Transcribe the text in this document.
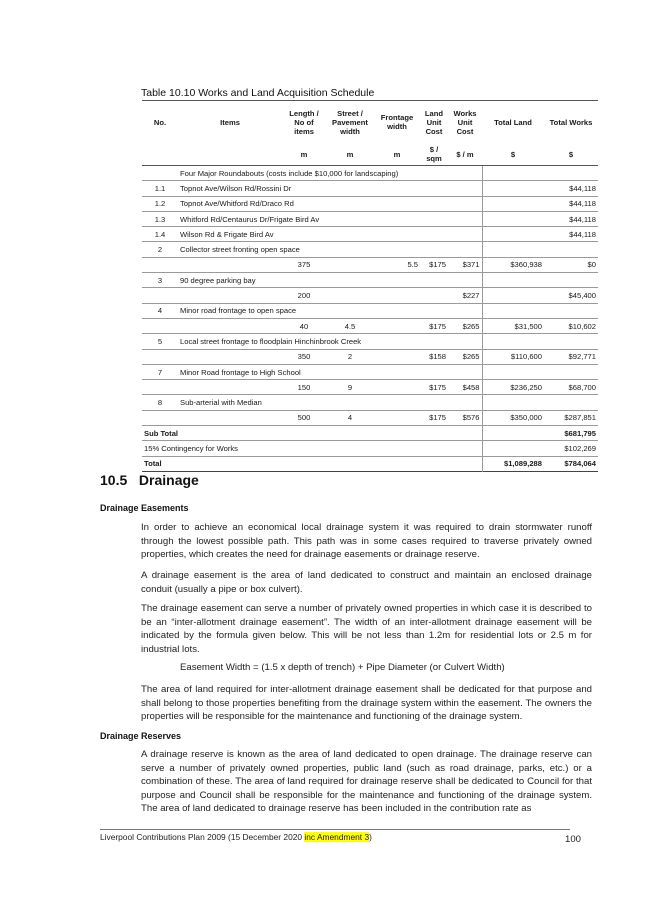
Table 10.10 Works and Land Acquisition Schedule
No.	Items	Length / No of items	Street / Pavement width	Frontage width	Land Unit Cost	Works Unit Cost	Total Land	Total Works
		m	m	m	$ / sqm	$ / m	$	$
	Four Major Roundabouts (costs include $10,000 for landscaping)							
1.1	Topnot Ave/Wilson Rd/Rossini Dr							$44,118
1.2	Topnot Ave/Whitford Rd/Draco Rd							$44,118
1.3	Whitford Rd/Centaurus Dr/Frigate Bird Av							$44,118
1.4	Wilson Rd & Frigate Bird Av							$44,118
2	Collector street fronting open space							
		375		5.5	$175	$371	$360,938	$0
3	90 degree parking bay							
		200				$227		$45,400
4	Minor road frontage to open space							
		40	4.5		$175	$265	$31,500	$10,602
5	Local street frontage to floodplain Hinchinbrook Creek							
		350	2		$158	$265	$110,600	$92,771
7	Minor Road frontage to High School							
		150	9		$175	$458	$236,250	$68,700
8	Sub-arterial with Median							
		500	4		$175	$576	$350,000	$287,851
Sub Total								$681,795
15% Contingency for Works								$102,269
Total							$1,089,288	$784,064
10.5 Drainage
Drainage Easements

In order to achieve an economical local drainage system it was required to drain stormwater runoff through the lowest possible path. This path was in some cases required to traverse privately owned properties, which creates the need for drainage easements or drainage reserve.

A drainage easement is the area of land dedicated to construct and maintain an enclosed drainage conduit (usually a pipe or box culvert).

The drainage easement can serve a number of privately owned properties in which case it is described to be an “inter-allotment drainage easement”. The width of an inter-allotment drainage easement will be indicated by the formula given below. This will be not less than 1.2m for residential lots or 2.5 m for industrial lots.

Easement Width = (1.5 x depth of trench) + Pipe Diameter (or Culvert Width)

The area of land required for inter-allotment drainage easement shall be dedicated for that purpose and shall belong to those properties benefiting from the drainage system within the easement. The owners the properties will be responsible for the maintenance and functioning of the drainage system.

Drainage Reserves

A drainage reserve is known as the area of land dedicated to open drainage. The drainage reserve can serve a number of privately owned properties, public land (such as road drainage, parks, etc.) or a combination of these. The area of land required for drainage reserve shall be dedicated to Council for that purpose and Council shall be responsible for the maintenance and functioning of the drainage system. The area of land dedicated to drainage reserve has been included in the contribution rate as

Liverpool Contributions Plan 2009 (15 December 2020 inc Amendment 3)	100
